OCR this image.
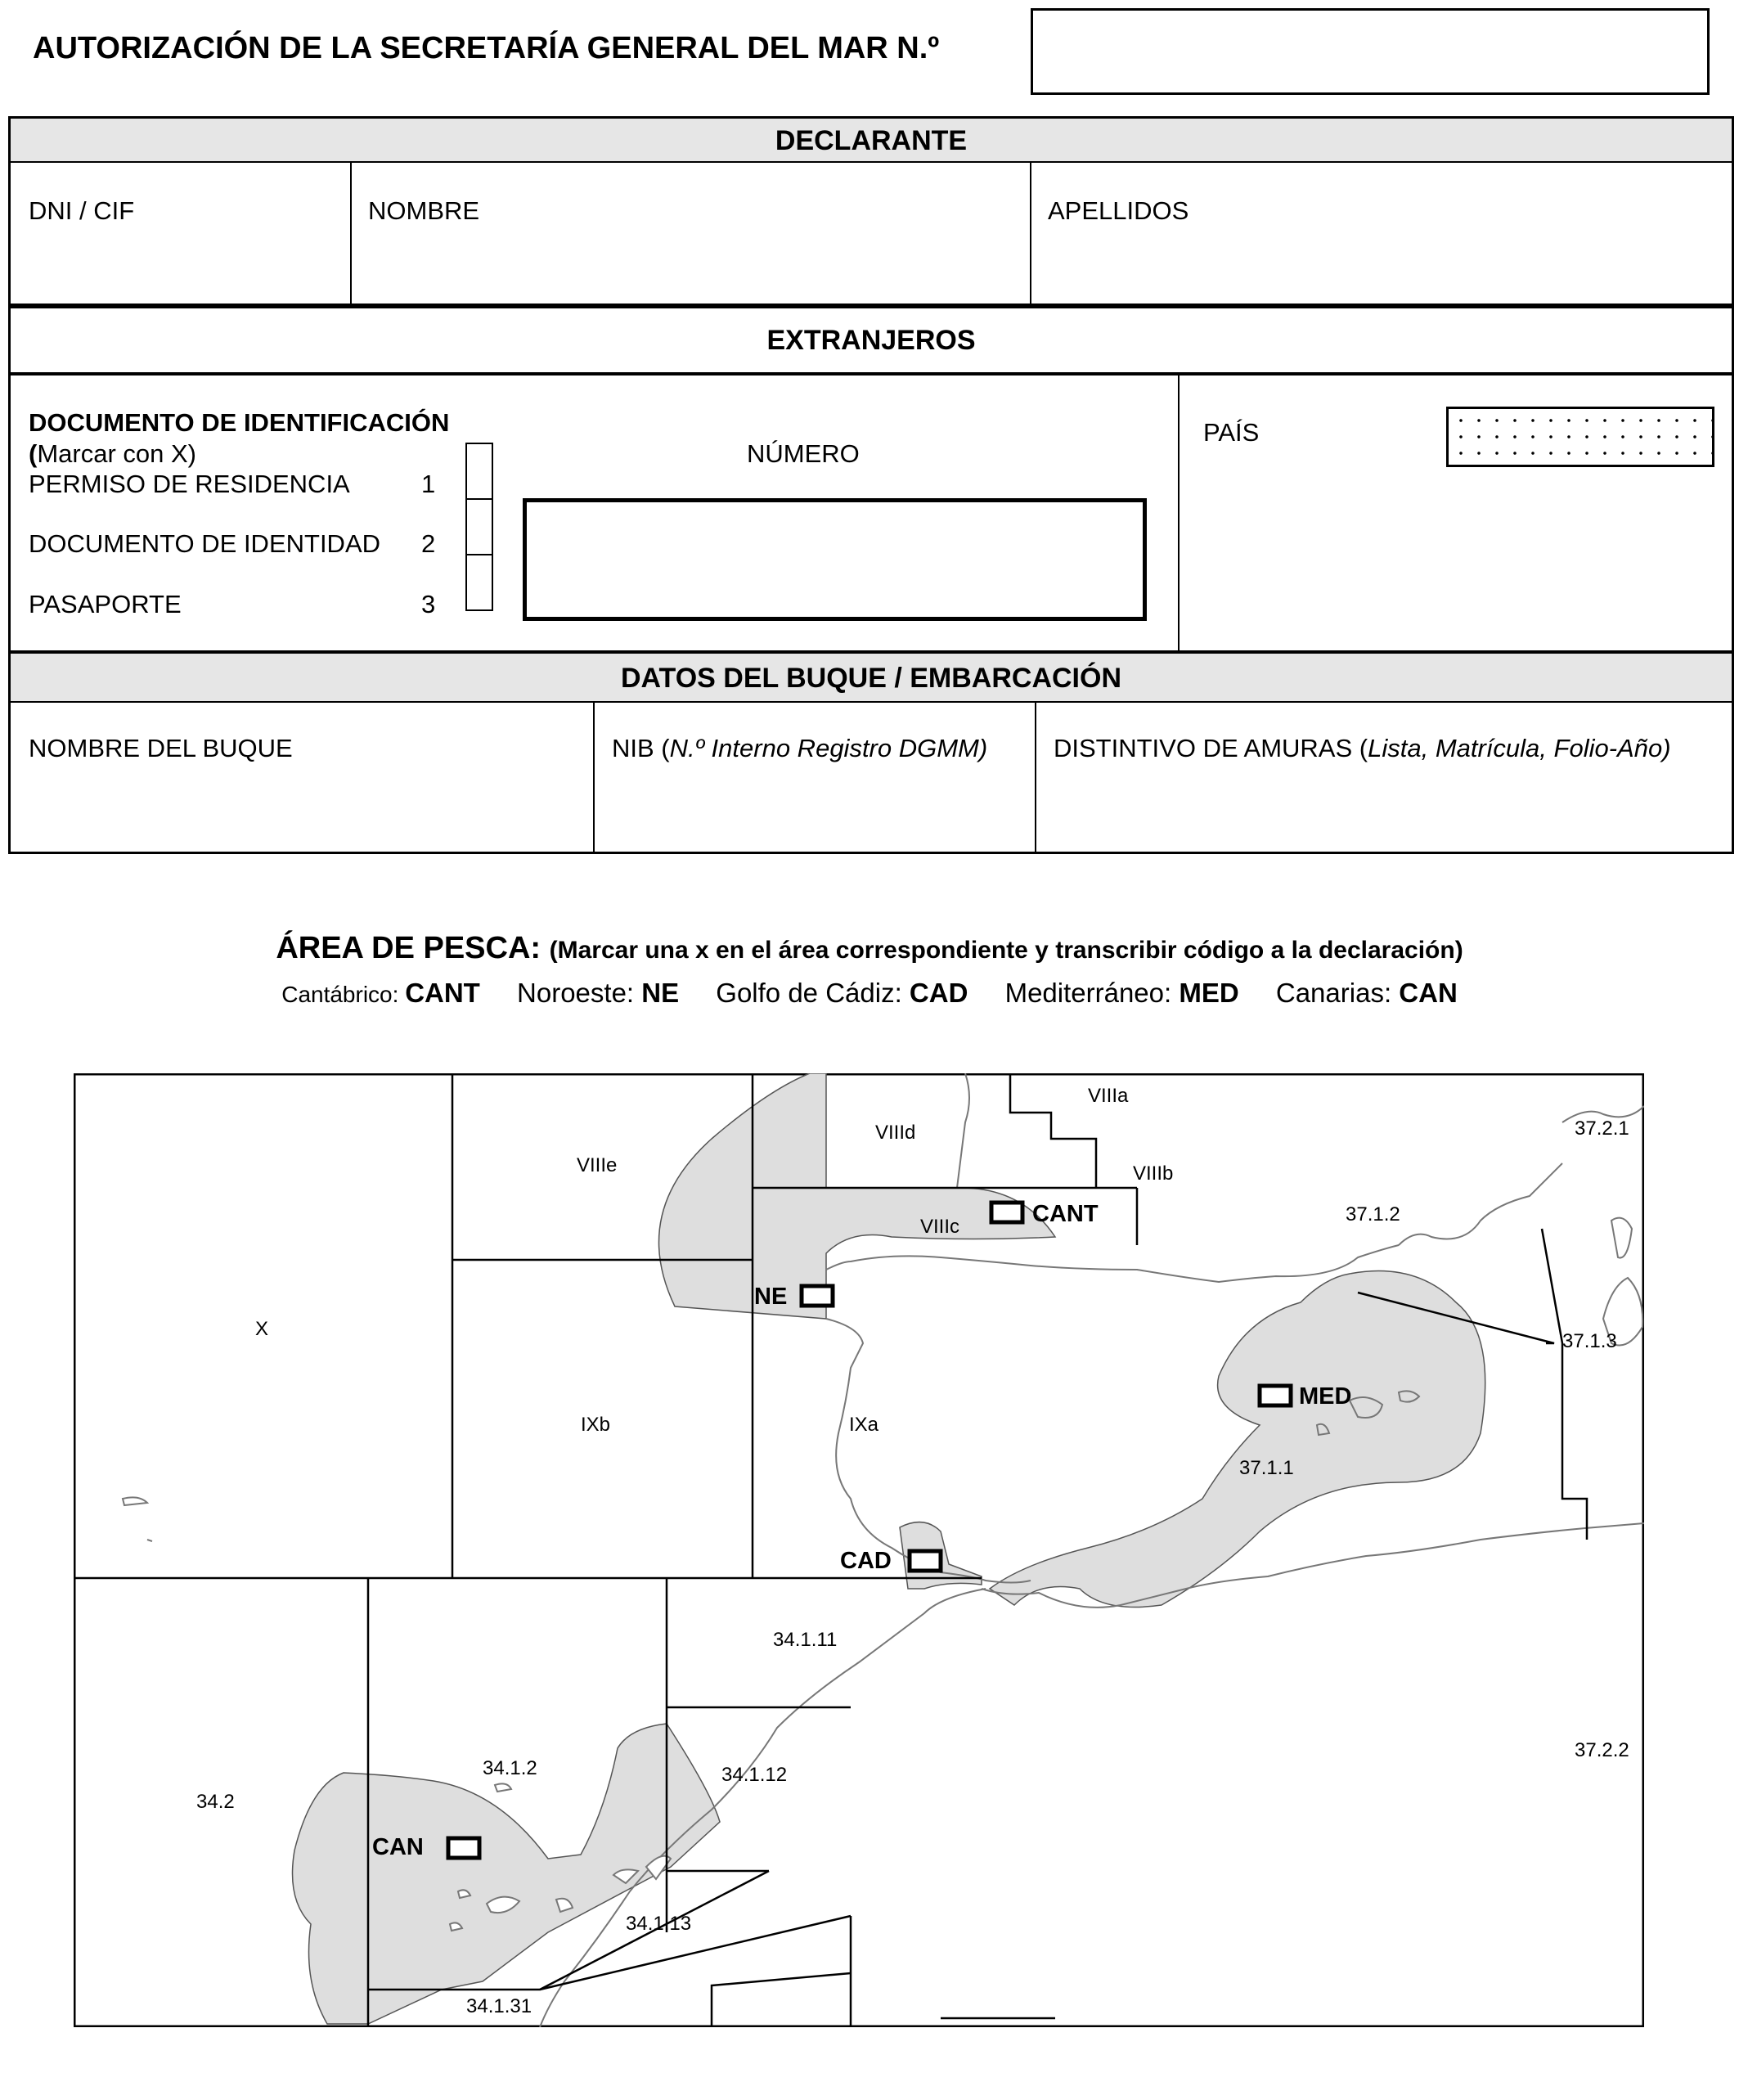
AUTORIZACIÓN DE LA SECRETARÍA GENERAL DEL MAR N.º
DECLARANTE
DNI / CIF	NOMBRE	APELLIDOS
EXTRANJEROS
DOCUMENTO DE IDENTIFICACIÓN
(Marcar con X)
PERMISO DE RESIDENCIA	1
DOCUMENTO DE IDENTIDAD 2
PASAPORTE	3
NÚMERO
PAÍS
DATOS DEL BUQUE / EMBARCACIÓN
NOMBRE DEL BUQUE	NIB (N.º Interno Registro DGMM)	DISTINTIVO DE AMURAS (Lista, Matrícula, Folio-Año)
ÁREA DE PESCA: (Marcar una x en el área correspondiente y transcribir código a la declaración)
Cantábrico: CANT Noroeste: NE Golfo de Cádiz: CAD Mediterráneo: MED Canarias: CAN
VIIIa
VIIId
VIIIe	VIIIb
VIIIc
X
IXb	IXa
37.2.1
37.1.2
37.1.3
37.1.1
34.1.11
34.1.12
34.1.2
34.2
34.1.13
34.1.31
37.2.2
CANT
NE
MED
CAD
CAN
